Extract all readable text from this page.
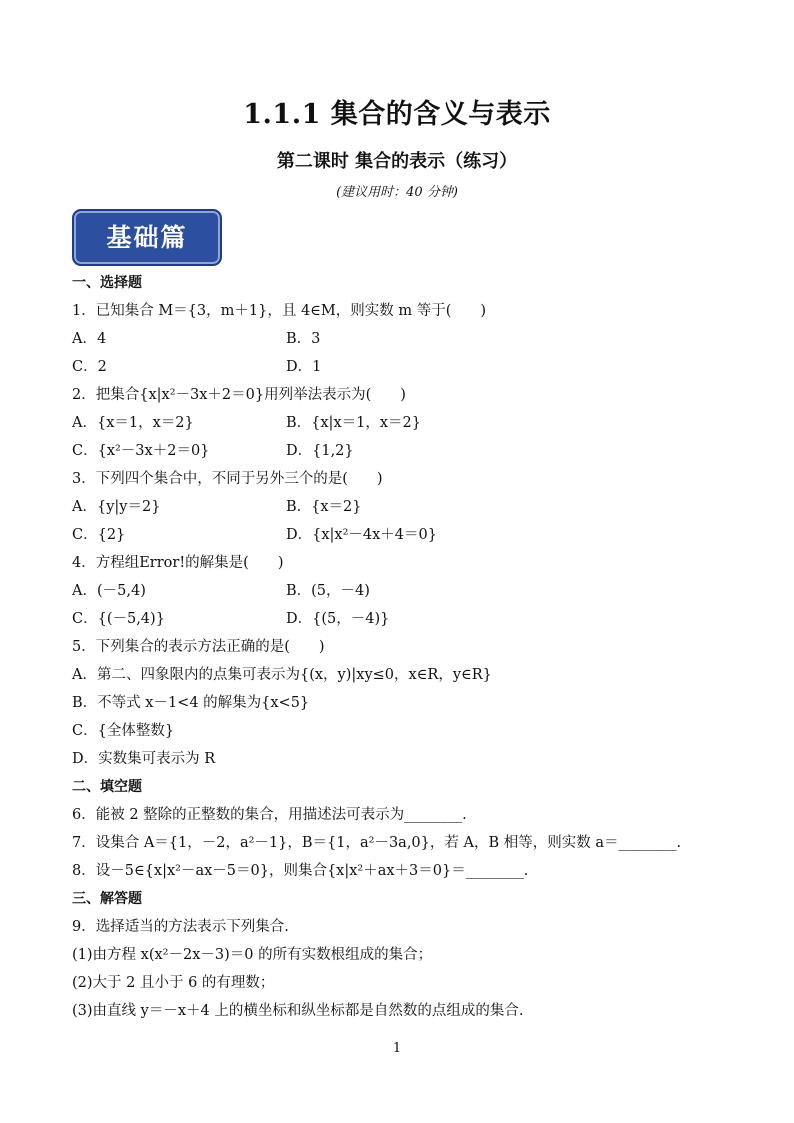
1.1.1 集合的含义与表示
第二课时 集合的表示（练习）
(建议用时：40 分钟)
基础篇
一、选择题
1．已知集合 M＝{3，m＋1}，且 4∈M，则实数 m 等于(　　)
A．4	B．3
C．2	D．1
2．把集合{x|x²－3x＋2＝0}用列举法表示为(　　)
A．{x＝1，x＝2}	B．{x|x＝1，x＝2}
C．{x²－3x＋2＝0}	D．{1,2}
3．下列四个集合中，不同于另外三个的是(　　)
A．{y|y＝2}	B．{x＝2}
C．{2}	D．{x|x²－4x＋4＝0}
4．方程组Error!的解集是(　　)
A．(－5,4)	B．(5，－4)
C．{(－5,4)}	D．{(5，－4)}
5．下列集合的表示方法正确的是(　　)
A．第二、四象限内的点集可表示为{(x，y)|xy≤0，x∈R，y∈R}
B．不等式 x－1<4 的解集为{x<5}
C．{全体整数}
D．实数集可表示为 R
二、填空题
6．能被 2 整除的正整数的集合，用描述法可表示为________.
7．设集合 A＝{1，－2，a²－1}，B＝{1，a²－3a,0}，若 A，B 相等，则实数 a＝________.
8．设－5∈{x|x²－ax－5＝0}，则集合{x|x²＋ax＋3＝0}＝________.
三、解答题
9．选择适当的方法表示下列集合.
(1)由方程 x(x²－2x－3)＝0 的所有实数根组成的集合；
(2)大于 2 且小于 6 的有理数；
(3)由直线 y＝－x＋4 上的横坐标和纵坐标都是自然数的点组成的集合.
1
